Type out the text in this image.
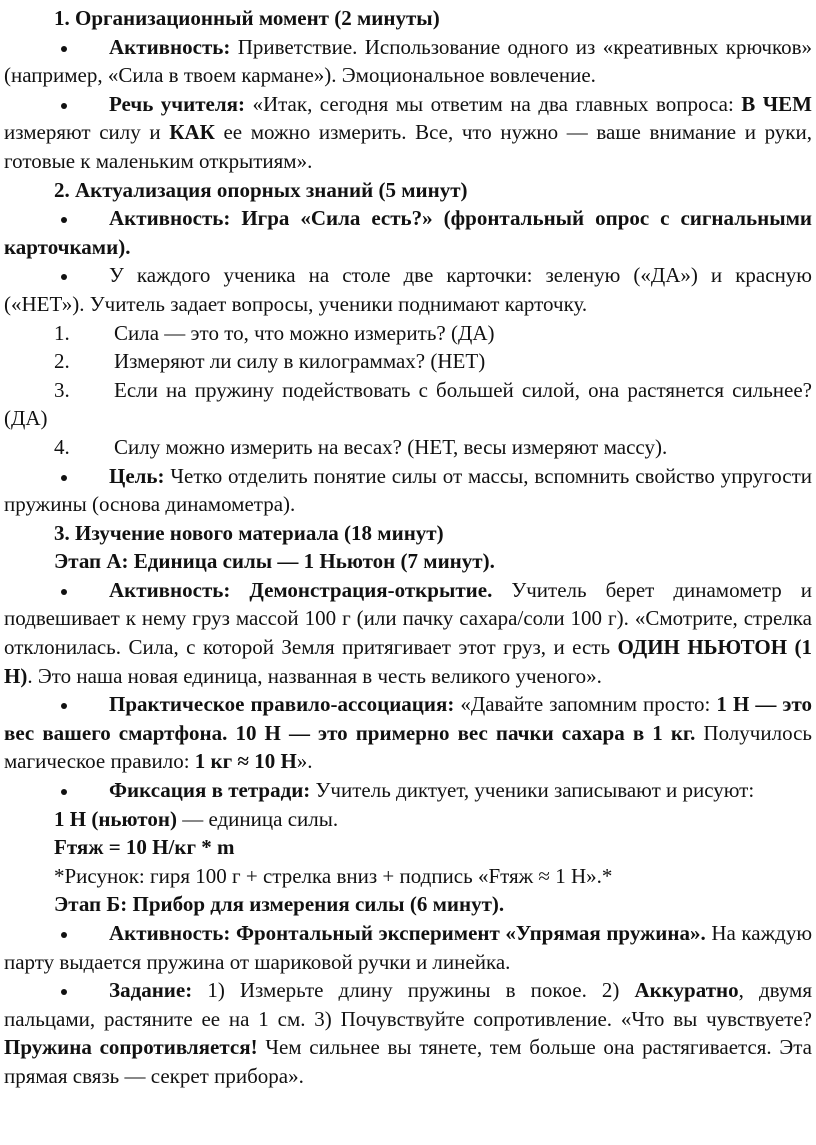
1. Организационный момент (2 минуты)

Активность: Приветствие. Использование одного из «креативных крючков» (например, «Сила в твоем кармане»). Эмоциональное вовлечение.

Речь учителя: «Итак, сегодня мы ответим на два главных вопроса: В ЧЕМ измеряют силу и КАК ее можно измерить. Все, что нужно — ваше внимание и руки, готовые к маленьким открытиям».

2. Актуализация опорных знаний (5 минут)

Активность: Игра «Сила есть?» (фронтальный опрос с сигнальными карточками).

У каждого ученика на столе две карточки: зеленую («ДА») и красную («НЕТ»). Учитель задает вопросы, ученики поднимают карточку.

1. Сила — это то, что можно измерить? (ДА)

2. Измеряют ли силу в килограммах? (НЕТ)

3. Если на пружину подействовать с большей силой, она растянется сильнее? (ДА)

4. Силу можно измерить на весах? (НЕТ, весы измеряют массу).

Цель: Четко отделить понятие силы от массы, вспомнить свойство упругости пружины (основа динамометра).

3. Изучение нового материала (18 минут)

Этап А: Единица силы — 1 Ньютон (7 минут).

Активность: Демонстрация-открытие. Учитель берет динамометр и подвешивает к нему груз массой 100 г (или пачку сахара/соли 100 г). «Смотрите, стрелка отклонилась. Сила, с которой Земля притягивает этот груз, и есть ОДИН НЬЮТОН (1 Н). Это наша новая единица, названная в честь великого ученого».

Практическое правило-ассоциация: «Давайте запомним просто: 1 Н — это вес вашего смартфона. 10 Н — это примерно вес пачки сахара в 1 кг. Получилось магическое правило: 1 кг ≈ 10 Н».

Фиксация в тетради: Учитель диктует, ученики записывают и рисуют:

1 Н (ньютон) — единица силы.

Fтяж = 10 Н/кг * m

*Рисунок: гиря 100 г + стрелка вниз + подпись «Fтяж ≈ 1 Н».*

Этап Б: Прибор для измерения силы (6 минут).

Активность: Фронтальный эксперимент «Упрямая пружина». На каждую парту выдается пружина от шариковой ручки и линейка.

Задание: 1) Измерьте длину пружины в покое. 2) Аккуратно, двумя пальцами, растяните ее на 1 см. 3) Почувствуйте сопротивление. «Что вы чувствуете? Пружина сопротивляется! Чем сильнее вы тянете, тем больше она растягивается. Эта прямая связь — секрет прибора».
